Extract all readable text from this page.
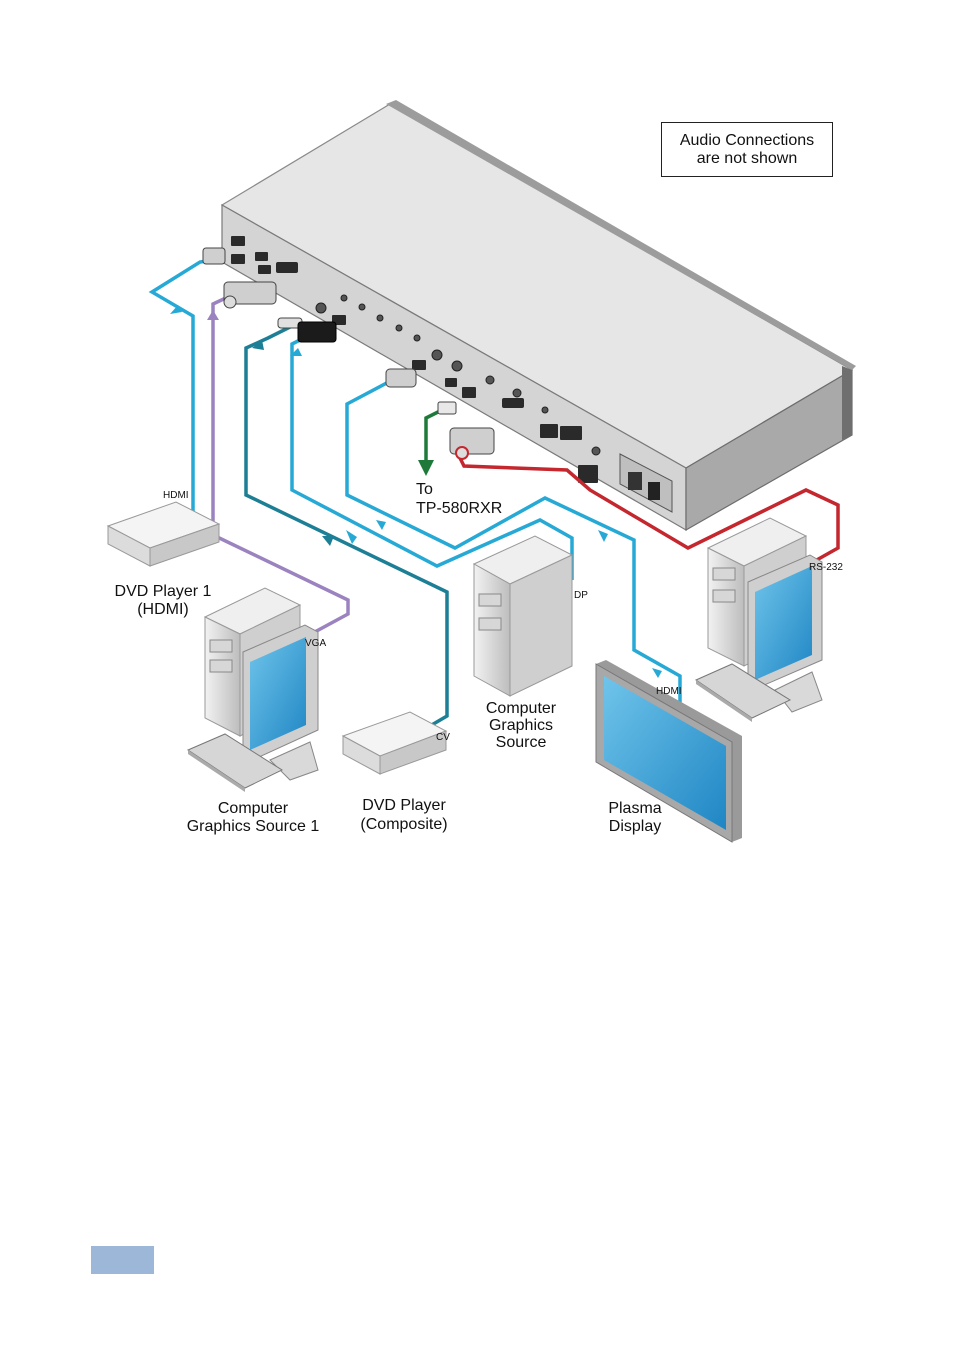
HDMI
DVD Player 1
(HDMI)
VGA
Computer
Graphics Source 1
CV
DVD Player
(Composite)
DP
Computer
Graphics
Source
HDMI
Plasma
Display
RS-232
To
TP-580RXR
Audio Connections
are not shown
